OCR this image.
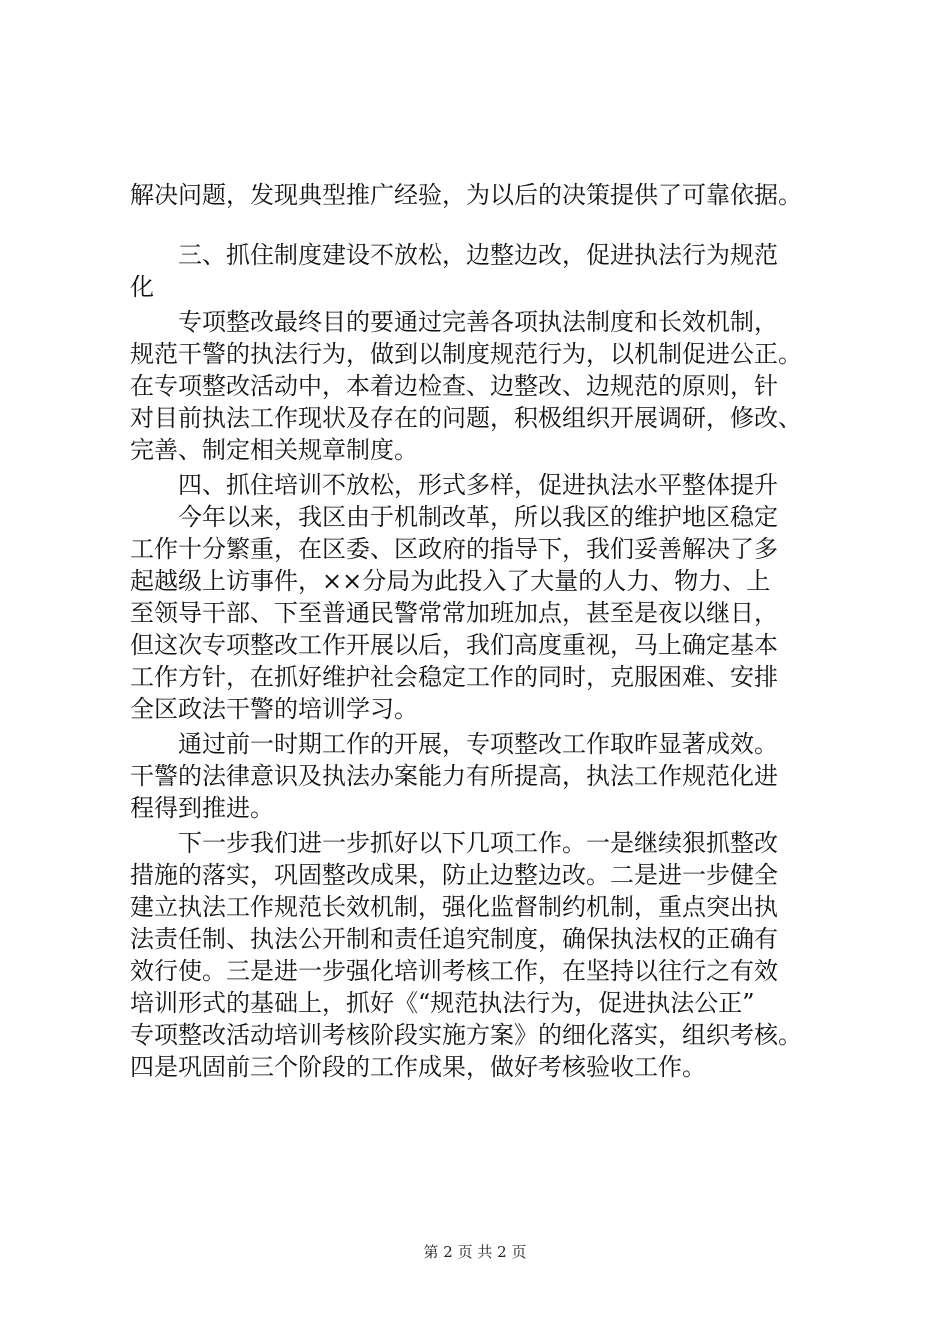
解决问题，发现典型推广经验，为以后的决策提供了可靠依据。
三、抓住制度建设不放松，边整边改，促进执法行为规范
化
专项整改最终目的要通过完善各项执法制度和长效机制，
规范干警的执法行为，做到以制度规范行为，以机制促进公正。
在专项整改活动中，本着边检查、边整改、边规范的原则，针
对目前执法工作现状及存在的问题，积极组织开展调研，修改、
完善、制定相关规章制度。
四、抓住培训不放松，形式多样，促进执法水平整体提升
今年以来，我区由于机制改革，所以我区的维护地区稳定
工作十分繁重，在区委、区政府的指导下，我们妥善解决了多
起越级上访事件，××分局为此投入了大量的人力、物力、上
至领导干部、下至普通民警常常加班加点，甚至是夜以继日，
但这次专项整改工作开展以后，我们高度重视，马上确定基本
工作方针，在抓好维护社会稳定工作的同时，克服困难、安排
全区政法干警的培训学习。
通过前一时期工作的开展，专项整改工作取昨显著成效。
干警的法律意识及执法办案能力有所提高，执法工作规范化进
程得到推进。
下一步我们进一步抓好以下几项工作。一是继续狠抓整改
措施的落实，巩固整改成果，防止边整边改。二是进一步健全
建立执法工作规范长效机制，强化监督制约机制，重点突出执
法责任制、执法公开制和责任追究制度，确保执法权的正确有
效行使。三是进一步强化培训考核工作，在坚持以往行之有效
培训形式的基础上，抓好《“规范执法行为，促进执法公正”
专项整改活动培训考核阶段实施方案》的细化落实，组织考核。
四是巩固前三个阶段的工作成果，做好考核验收工作。
第 2 页 共 2 页
